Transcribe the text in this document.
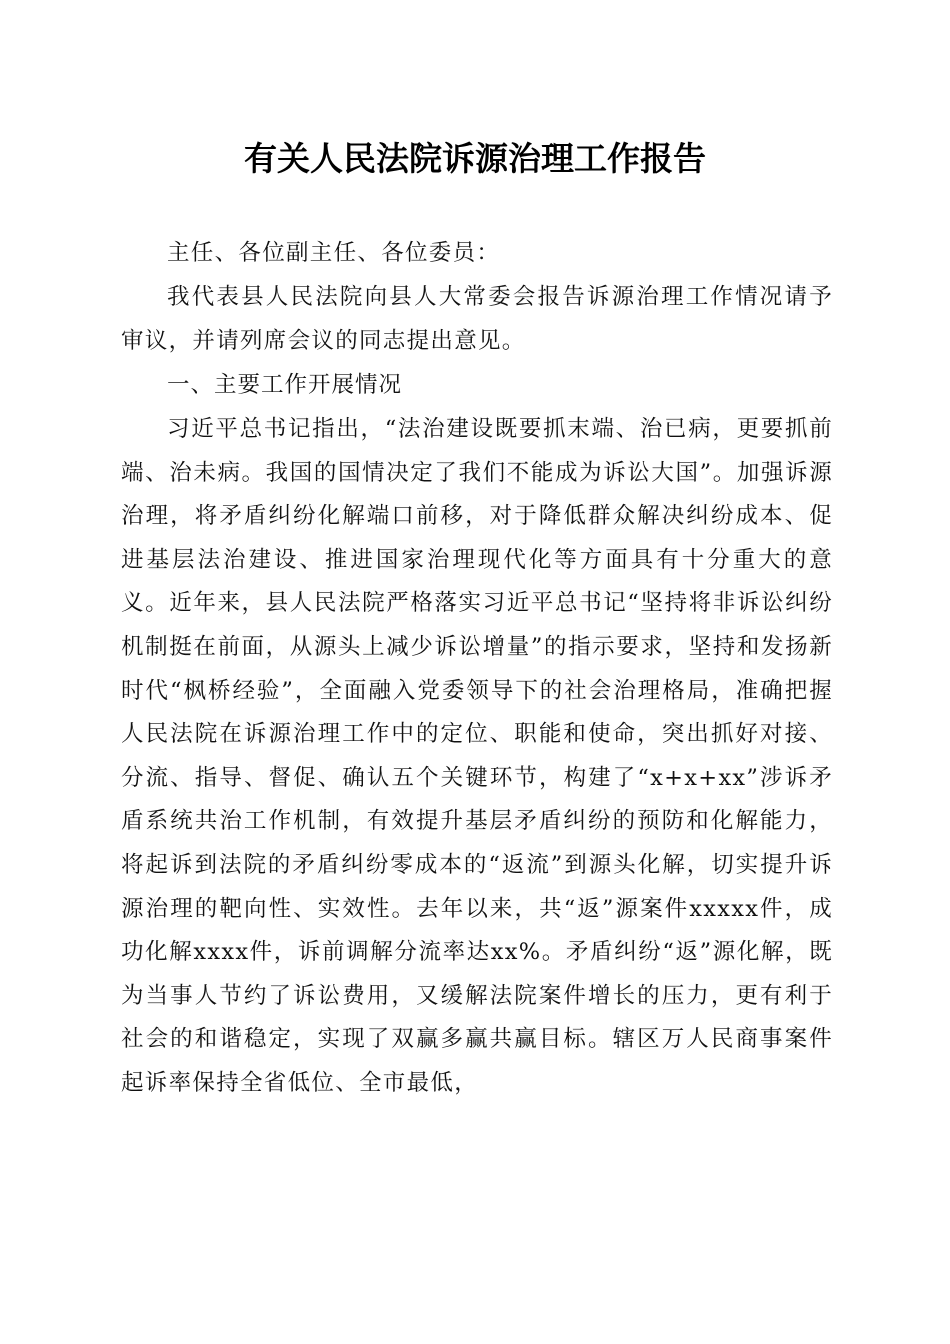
有关人民法院诉源治理工作报告
主任、各位副主任、各位委员：
我代表县人民法院向县人大常委会报告诉源治理工作情况请予审议，并请列席会议的同志提出意见。
一、主要工作开展情况
习近平总书记指出，“法治建设既要抓末端、治已病，更要抓前端、治未病。我国的国情决定了我们不能成为诉讼大国”。加强诉源治理，将矛盾纠纷化解端口前移，对于降低群众解决纠纷成本、促进基层法治建设、推进国家治理现代化等方面具有十分重大的意义。近年来，县人民法院严格落实习近平总书记“坚持将非诉讼纠纷机制挺在前面，从源头上减少诉讼增量”的指示要求，坚持和发扬新时代“枫桥经验”，全面融入党委领导下的社会治理格局，准确把握人民法院在诉源治理工作中的定位、职能和使命，突出抓好对接、分流、指导、督促、确认五个关键环节，构建了“x+x+xx”涉诉矛盾系统共治工作机制，有效提升基层矛盾纠纷的预防和化解能力，将起诉到法院的矛盾纠纷零成本的“返流”到源头化解，切实提升诉源治理的靶向性、实效性。去年以来，共“返”源案件xxxxx件，成功化解xxxx件，诉前调解分流率达xx%。矛盾纠纷“返”源化解，既为当事人节约了诉讼费用，又缓解法院案件增长的压力，更有利于社会的和谐稳定，实现了双赢多赢共赢目标。辖区万人民商事案件起诉率保持全省低位、全市最低，
